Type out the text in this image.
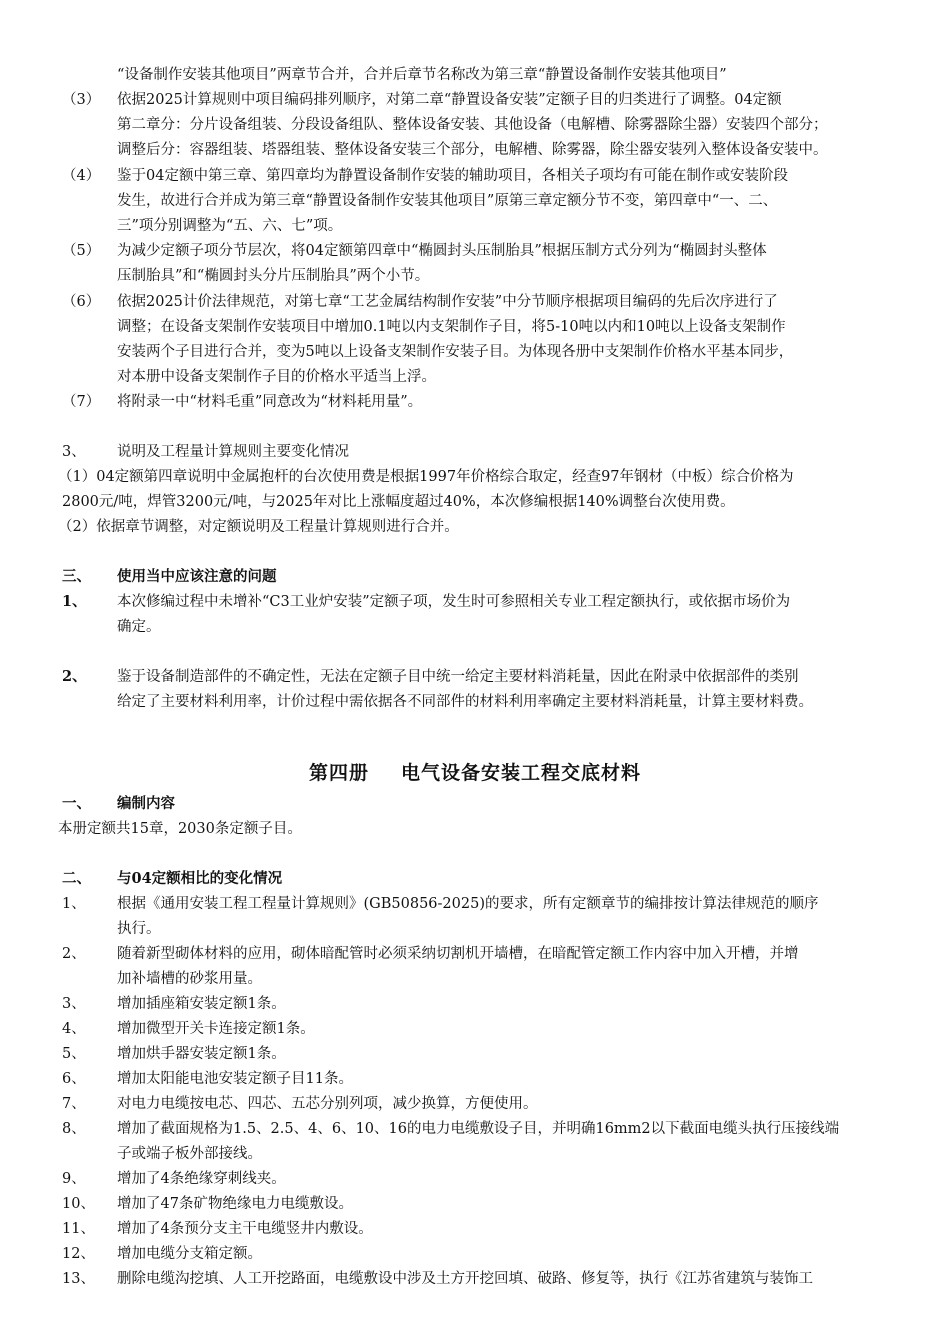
“设备制作安装其他项目”两章节合并，合并后章节名称改为第三章“静置设备制作安装其他项目”
（3） 依据2025计算规则中项目编码排列顺序，对第二章“静置设备安装”定额子目的归类进行了调整。04定额
第二章分：分片设备组装、分段设备组队、整体设备安装、其他设备（电解槽、除雾器除尘器）安装四个部分；
调整后分：容器组装、塔器组装、整体设备安装三个部分，电解槽、除雾器，除尘器安装列入整体设备安装中。
（4） 鉴于04定额中第三章、第四章均为静置设备制作安装的辅助项目，各相关子项均有可能在制作或安装阶段
发生，故进行合并成为第三章“静置设备制作安装其他项目”原第三章定额分节不变，第四章中“一、二、
三”项分别调整为“五、六、七”项。
（5） 为减少定额子项分节层次，将04定额第四章中“椭圆封头压制胎具”根据压制方式分列为“椭圆封头整体
压制胎具”和“椭圆封头分片压制胎具”两个小节。
（6） 依据2025计价法律规范，对第七章“工艺金属结构制作安装”中分节顺序根据项目编码的先后次序进行了
调整；在设备支架制作安装项目中增加0.1吨以内支架制作子目，将5-10吨以内和10吨以上设备支架制作
安装两个子目进行合并，变为5吨以上设备支架制作安装子目。为体现各册中支架制作价格水平基本同步，
对本册中设备支架制作子目的价格水平适当上浮。
（7） 将附录一中“材料毛重”同意改为“材料耗用量”。
3、 说明及工程量计算规则主要变化情况
（1）04定额第四章说明中金属抱杆的台次使用费是根据1997年价格综合取定，经查97年钢材（中板）综合价格为
2800元/吨，焊管3200元/吨，与2025年对比上涨幅度超过40%，本次修编根据140%调整台次使用费。
（2）依据章节调整，对定额说明及工程量计算规则进行合并。
三、 使用当中应该注意的问题
1、 本次修编过程中未增补“C3工业炉安装”定额子项，发生时可参照相关专业工程定额执行，或依据市场价为
确定。
2、 鉴于设备制造部件的不确定性，无法在定额子目中统一给定主要材料消耗量，因此在附录中依据部件的类别
给定了主要材料利用率，计价过程中需依据各不同部件的材料利用率确定主要材料消耗量，计算主要材料费。
第四册 电气设备安装工程交底材料
一、 编制内容
本册定额共15章，2030条定额子目。
二、 与04定额相比的变化情况
1、 根据《通用安装工程工程量计算规则》(GB50856-2025)的要求，所有定额章节的编排按计算法律规范的顺序
执行。
2、 随着新型砌体材料的应用，砌体暗配管时必须采纳切割机开墙槽，在暗配管定额工作内容中加入开槽，并增
加补墙槽的砂浆用量。
3、 增加插座箱安装定额1条。
4、 增加微型开关卡连接定额1条。
5、 增加烘手器安装定额1条。
6、 增加太阳能电池安装定额子目11条。
7、 对电力电缆按电芯、四芯、五芯分别列项，减少换算，方便使用。
8、 增加了截面规格为1.5、2.5、4、6、10、16的电力电缆敷设子目，并明确16mm2以下截面电缆头执行压接线端
子或端子板外部接线。
9、 增加了4条绝缘穿刺线夹。
10、 增加了47条矿物绝缘电力电缆敷设。
11、 增加了4条预分支主干电缆竖井内敷设。
12、 增加电缆分支箱定额。
13、 删除电缆沟挖填、人工开挖路面，电缆敷设中涉及土方开挖回填、破路、修复等，执行《江苏省建筑与装饰工
